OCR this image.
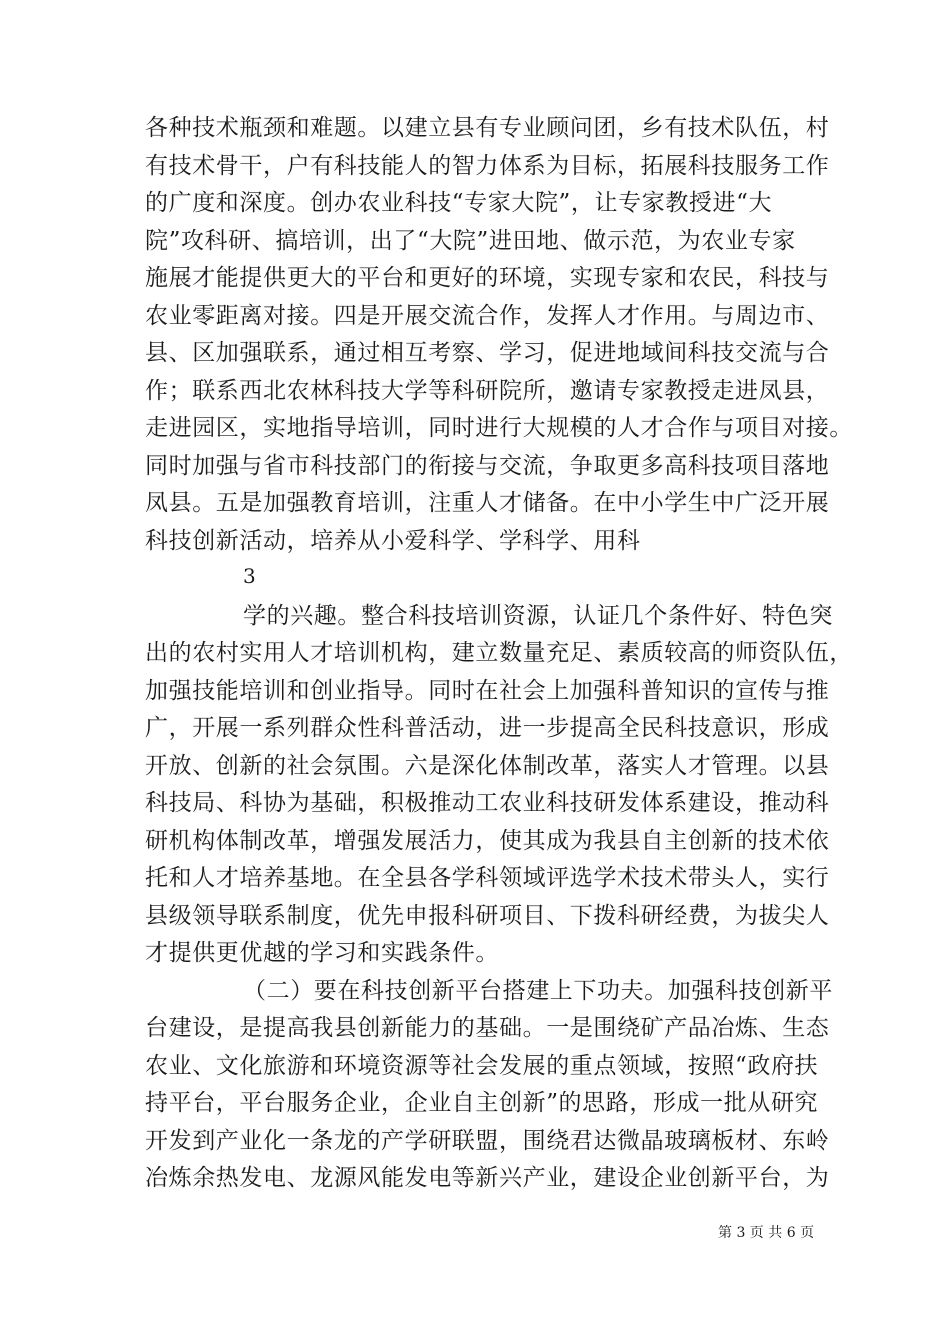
各种技术瓶颈和难题。以建立县有专业顾问团，乡有技术队伍，村
有技术骨干，户有科技能人的智力体系为目标，拓展科技服务工作
的广度和深度。创办农业科技“专家大院”，让专家教授进“大
院”攻科研、搞培训，出了“大院”进田地、做示范，为农业专家
施展才能提供更大的平台和更好的环境，实现专家和农民，科技与
农业零距离对接。四是开展交流合作，发挥人才作用。与周边市、
县、区加强联系，通过相互考察、学习，促进地域间科技交流与合
作；联系西北农林科技大学等科研院所，邀请专家教授走进凤县，
走进园区，实地指导培训，同时进行大规模的人才合作与项目对接。
同时加强与省市科技部门的衔接与交流，争取更多高科技项目落地
凤县。五是加强教育培训，注重人才储备。在中小学生中广泛开展
科技创新活动，培养从小爱科学、学科学、用科
3
学的兴趣。整合科技培训资源，认证几个条件好、特色突
出的农村实用人才培训机构，建立数量充足、素质较高的师资队伍，
加强技能培训和创业指导。同时在社会上加强科普知识的宣传与推
广，开展一系列群众性科普活动，进一步提高全民科技意识，形成
开放、创新的社会氛围。六是深化体制改革，落实人才管理。以县
科技局、科协为基础，积极推动工农业科技研发体系建设，推动科
研机构体制改革，增强发展活力，使其成为我县自主创新的技术依
托和人才培养基地。在全县各学科领域评选学术技术带头人，实行
县级领导联系制度，优先申报科研项目、下拨科研经费，为拔尖人
才提供更优越的学习和实践条件。
（二）要在科技创新平台搭建上下功夫。加强科技创新平
台建设，是提高我县创新能力的基础。一是围绕矿产品冶炼、生态
农业、文化旅游和环境资源等社会发展的重点领域，按照“政府扶
持平台，平台服务企业，企业自主创新”的思路，形成一批从研究
开发到产业化一条龙的产学研联盟，围绕君达微晶玻璃板材、东岭
冶炼余热发电、龙源风能发电等新兴产业，建设企业创新平台，为
第 3 页 共 6 页
